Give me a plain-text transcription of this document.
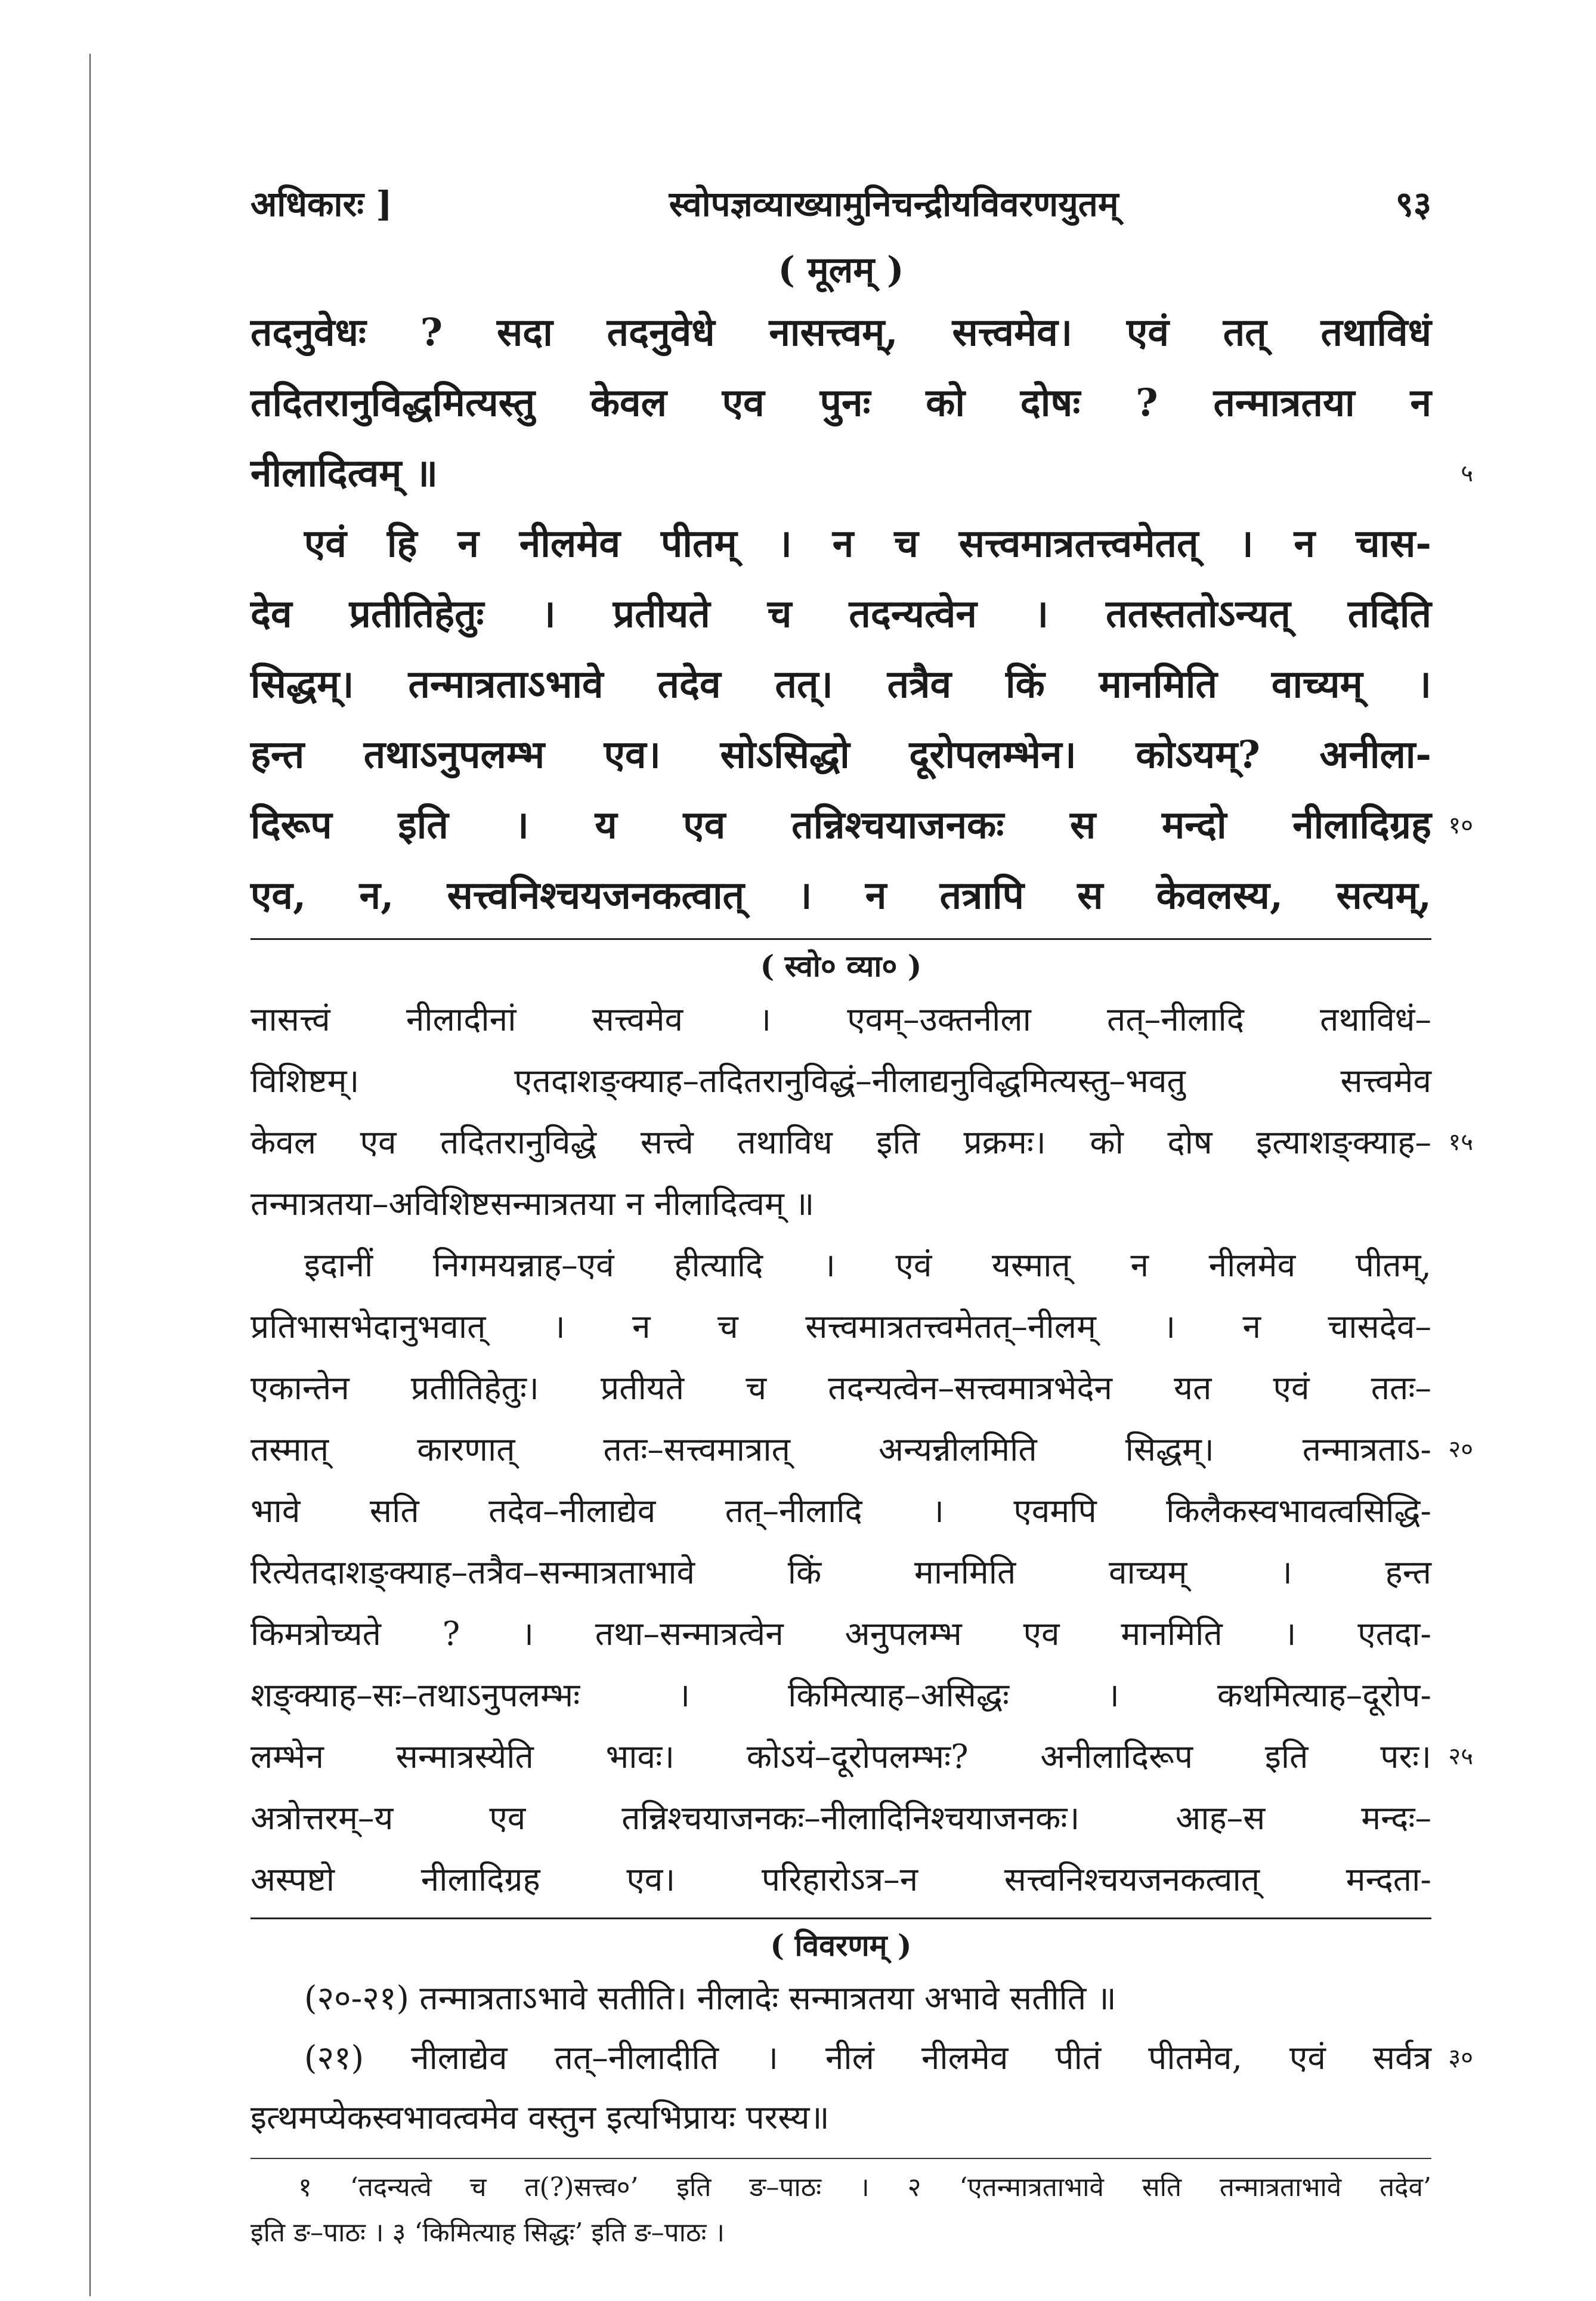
अधिकारः ]	स्वोपज्ञव्याख्यामुनिचन्द्रीयविवरणयुतम्	९३
( मूलम् )
तदनुवेधः ? सदा तदनुवेधे नासत्त्वम्, सत्त्वमेव। एवं तत् तथाविधं
तदितरानुविद्धमित्यस्तु केवल एव पुनः को दोषः ? तन्मात्रतया न
नीलादित्वम् ॥	५
एवं हि न नीलमेव पीतम् । न च सत्त्वमात्रतत्त्वमेतत् । न चास-
देव प्रतीतिहेतुः । प्रतीयते च तदन्यत्वेन । ततस्ततोऽन्यत् तदिति
सिद्धम्। तन्मात्रताऽभावे तदेव तत्। तत्रैव किं मानमिति वाच्यम् ।
हन्त तथाऽनुपलम्भ एव। सोऽसिद्धो दूरोपलम्भेन। कोऽयम्? अनीला-
दिरूप इति । य एव तन्निश्चयाजनकः स मन्दो नीलादिग्रह १०
एव, न, सत्त्वनिश्चयजनकत्वात् । न तत्रापि स केवलस्य, सत्यम्,
( स्वो० व्या० )
नासत्त्वं नीलादीनां सत्त्वमेव । एवम्–उक्तनीला तत्–नीलादि तथाविधं–
विशिष्टम्। एतदाशङ्क्याह–तदितरानुविद्धं–नीलाद्यनुविद्धमित्यस्तु–भवतु सत्त्वमेव
केवल एव तदितरानुविद्धे सत्त्वे तथाविध इति प्रक्रमः। को दोष इत्याशङ्क्याह– १५
तन्मात्रतया–अविशिष्टसन्मात्रतया न नीलादित्वम् ॥
इदानीं निगमयन्नाह–एवं हीत्यादि । एवं यस्मात् न नीलमेव पीतम्,
प्रतिभासभेदानुभवात् । न च सत्त्वमात्रतत्त्वमेतत्–नीलम् । न चासदेव–
एकान्तेन प्रतीतिहेतुः। प्रतीयते च तदन्यत्वेन–सत्त्वमात्रभेदेन यत एवं ततः–
तस्मात् कारणात् ततः–सत्त्वमात्रात् अन्यन्नीलमिति सिद्धम्। तन्मात्रताऽ- २०
भावे सति तदेव–नीलाद्येव तत्–नीलादि । एवमपि किलैकस्वभावत्वसिद्धि-
रित्येतदाशङ्क्याह–तत्रैव–सन्मात्रताभावे किं मानमिति वाच्यम् । हन्त
किमत्रोच्यते ? । तथा–सन्मात्रत्वेन अनुपलम्भ एव मानमिति । एतदा-
शङ्क्याह–सः–तथाऽनुपलम्भः । किमित्याह–असिद्धः । कथमित्याह–दूरोप-
लम्भेन सन्मात्रस्येति भावः। कोऽयं–दूरोपलम्भः? अनीलादिरूप इति परः। २५
अत्रोत्तरम्–य एव तन्निश्चयाजनकः–नीलादिनिश्चयाजनकः। आह–स मन्दः–
अस्पष्टो नीलादिग्रह एव। परिहारोऽत्र–न सत्त्वनिश्चयजनकत्वात् मन्दता-
( विवरणम् )
(२०-२१) तन्मात्रताऽभावे सतीति। नीलादेः सन्मात्रतया अभावे सतीति ॥
(२१) नीलाद्येव तत्–नीलादीति । नीलं नीलमेव पीतं पीतमेव, एवं सर्वत्र ३०
इत्थमप्येकस्वभावत्वमेव वस्तुन इत्यभिप्रायः परस्य॥
१ ‘तदन्यत्वे च त(?)सत्त्व०’ इति ङ–पाठः । २ ‘एतन्मात्रताभावे सति तन्मात्रताभावे तदेव’
इति ङ–पाठः । ३ ‘किमित्याह सिद्धः’ इति ङ–पाठः ।
